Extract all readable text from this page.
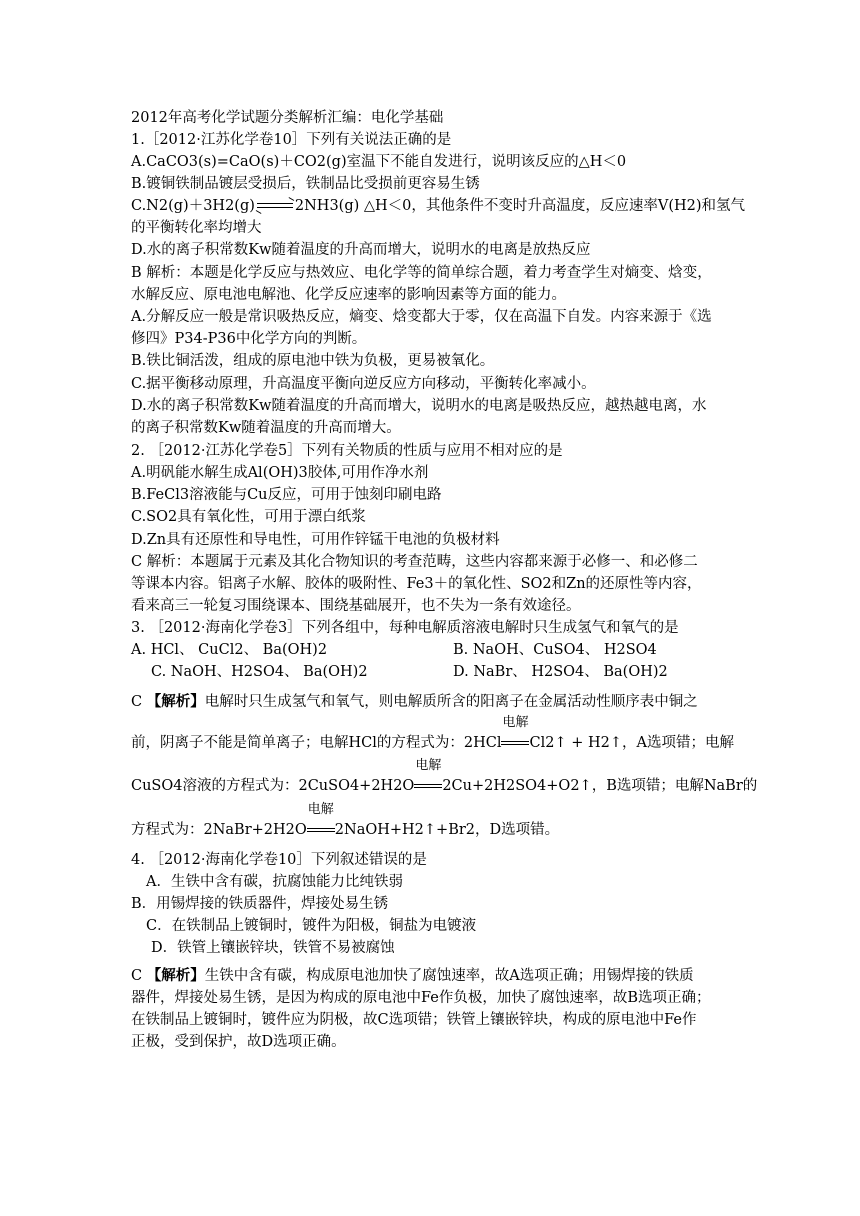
2012年高考化学试题分类解析汇编：电化学基础
1.［2012·江苏化学卷10］下列有关说法正确的是
A.CaCO3(s)=CaO(s)＋CO2(g)室温下不能自发进行，说明该反应的△H＜0
B.镀铜铁制品镀层受损后，铁制品比受损前更容易生锈
C.N2(g)＋3H2(g)	2NH3(g) △H＜0，其他条件不变时升高温度，反应速率Ⅴ(H2)和氢气
的平衡转化率均增大
D.水的离子积常数Kw随着温度的升高而增大，说明水的电离是放热反应
B 解析：本题是化学反应与热效应、电化学等的简单综合题，着力考查学生对熵变、焓变，
水解反应、原电池电解池、化学反应速率的影响因素等方面的能力。
A.分解反应一般是常识吸热反应，熵变、焓变都大于零，仅在高温下自发。内容来源于《选
修四》P34-P36中化学方向的判断。
B.铁比铜活泼，组成的原电池中铁为负极，更易被氧化。
C.据平衡移动原理，升高温度平衡向逆反应方向移动，平衡转化率减小。
D.水的离子积常数Kw随着温度的升高而增大，说明水的电离是吸热反应，越热越电离，水
的离子积常数Kw随着温度的升高而增大。
2. ［2012·江苏化学卷5］下列有关物质的性质与应用不相对应的是
A.明矾能水解生成Al(OH)3胶体,可用作净水剂
B.FeCl3溶液能与Cu反应，可用于蚀刻印刷电路
C.SO2具有氧化性，可用于漂白纸浆
D.Zn具有还原性和导电性，可用作锌锰干电池的负极材料
C 解析：本题属于元素及其化合物知识的考查范畴，这些内容都来源于必修一、和必修二
等课本内容。铝离子水解、胶体的吸附性、Fe3＋的氧化性、SO2和Zn的还原性等内容，
看来高三一轮复习围绕课本、围绕基础展开，也不失为一条有效途径。
3. ［2012·海南化学卷3］下列各组中，每种电解质溶液电解时只生成氢气和氧气的是
A. HCl、 CuCl2、 Ba(OH)2	B. NaOH、CuSO4、 H2SO4
C. NaOH、H2SO4、 Ba(OH)2	D. NaBr、 H2SO4、 Ba(OH)2
C 【解析】电解时只生成氢气和氧气，则电解质所含的阳离子在金属活动性顺序表中铜之
前，阴离子不能是简单离子；电解HCl的方程式为：2HCl
电解
Cl2↑ + H2↑，A选项错；电解
CuSO4溶液的方程式为：2CuSO4+2H2O
电解
2Cu+2H2SO4+O2↑，B选项错；电解NaBr的
方程式为：2NaBr+2H2O
电解
2NaOH+H2↑+Br2，D选项错。
4. ［2012·海南化学卷10］下列叙述错误的是
A．生铁中含有碳，抗腐蚀能力比纯铁弱
B．用锡焊接的铁质器件，焊接处易生锈
C．在铁制品上镀铜时，镀件为阳极，铜盐为电镀液
D．铁管上镶嵌锌块，铁管不易被腐蚀
C 【解析】生铁中含有碳，构成原电池加快了腐蚀速率，故A选项正确；用锡焊接的铁质
器件，焊接处易生锈，是因为构成的原电池中Fe作负极，加快了腐蚀速率，故B选项正确；
在铁制品上镀铜时，镀件应为阴极，故C选项错；铁管上镶嵌锌块，构成的原电池中Fe作
正极，受到保护，故D选项正确。
